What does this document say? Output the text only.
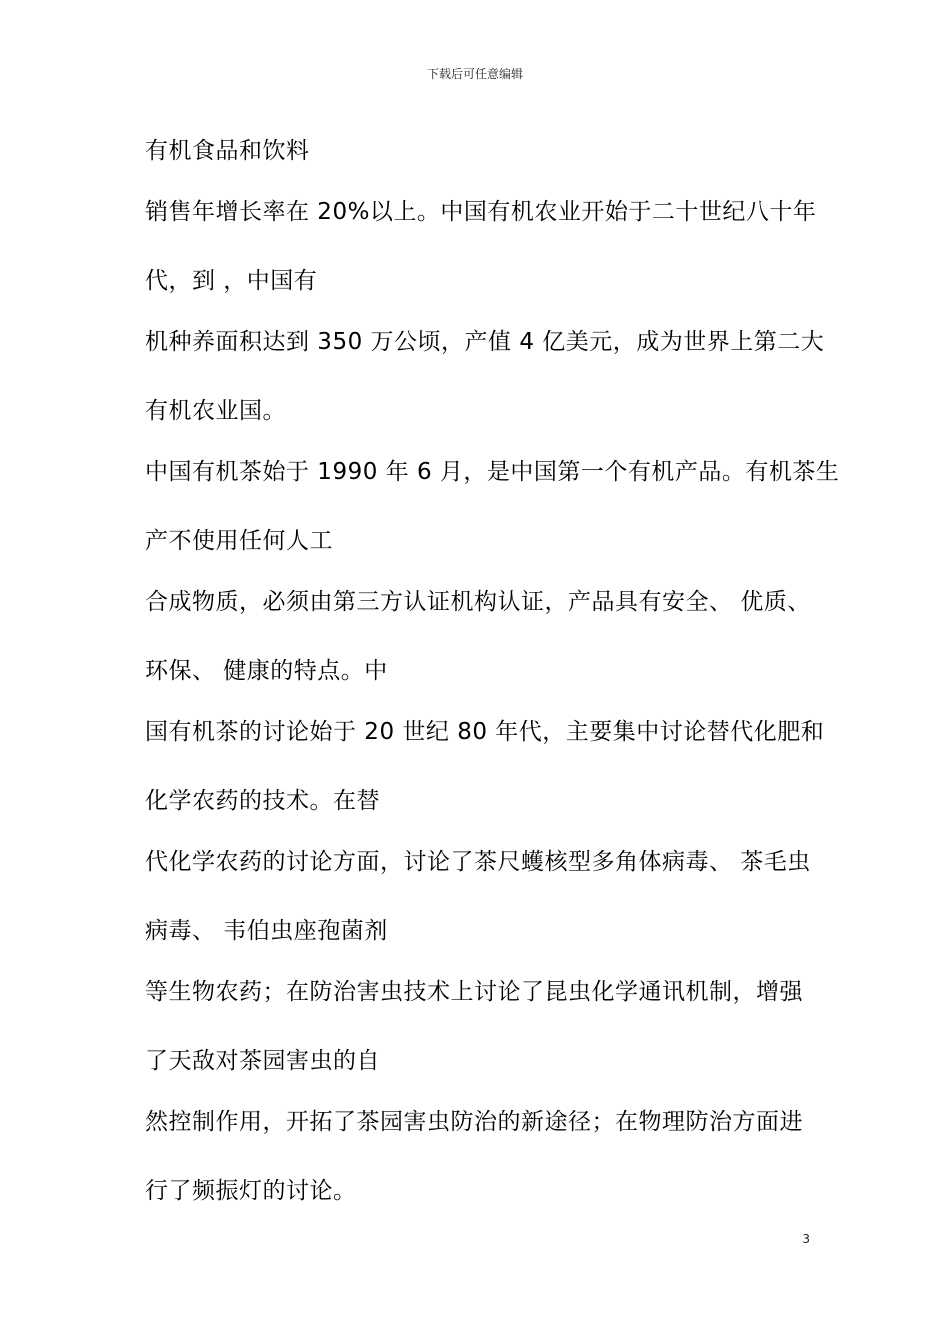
下载后可任意编辑
有机食品和饮料
销售年增长率在 20%以上。中国有机农业开始于二十世纪八十年
代，到 ，中国有
机种养面积达到 350 万公顷，产值 4 亿美元，成为世界上第二大
有机农业国。
中国有机茶始于 1990 年 6 月，是中国第一个有机产品。有机茶生
产不使用任何人工
合成物质，必须由第三方认证机构认证，产品具有安全、 优质、
环保、 健康的特点。中
国有机茶的讨论始于 20 世纪 80 年代，主要集中讨论替代化肥和
化学农药的技术。在替
代化学农药的讨论方面，讨论了茶尺蠖核型多角体病毒、 茶毛虫
病毒、 韦伯虫座孢菌剂
等生物农药；在防治害虫技术上讨论了昆虫化学通讯机制，增强
了天敌对茶园害虫的自
然控制作用，开拓了茶园害虫防治的新途径；在物理防治方面进
行了频振灯的讨论。
3
